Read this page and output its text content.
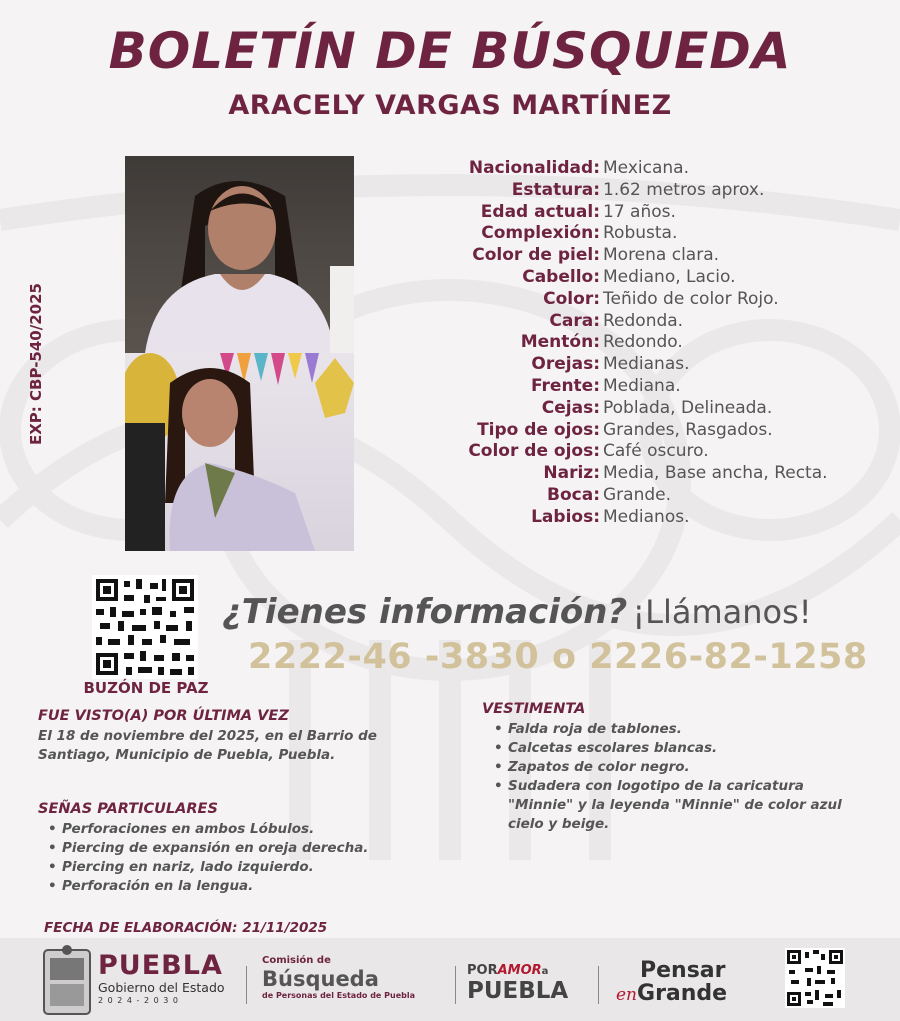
BOLETÍN DE BÚSQUEDA
ARACELY VARGAS MARTÍNEZ
EXP: CBP-540/2025
Nacionalidad: Mexicana.
Estatura: 1.62 metros aprox.
Edad actual: 17 años.
Complexión: Robusta.
Color de piel: Morena clara.
Cabello: Mediano, Lacio.
Color: Teñido de color Rojo.
Cara: Redonda.
Mentón: Redondo.
Orejas: Medianas.
Frente: Mediana.
Cejas: Poblada, Delineada.
Tipo de ojos: Grandes, Rasgados.
Color de ojos: Café oscuro.
Nariz: Media, Base ancha, Recta.
Boca: Grande.
Labios: Medianos.
BUZÓN DE PAZ
¿Tienes información? ¡Llámanos!
2222-46 -3830 o 2226-82-1258
FUE VISTO(A) POR ÚLTIMA VEZ
El 18 de noviembre del 2025, en el Barrio de
Santiago, Municipio de Puebla, Puebla.
SEÑAS PARTICULARES
• Perforaciones en ambos Lóbulos.
• Piercing de expansión en oreja derecha.
• Piercing en nariz, lado izquierdo.
• Perforación en la lengua.
VESTIMENTA
• Falda roja de tablones.
• Calcetas escolares blancas.
• Zapatos de color negro.
• Sudadera con logotipo de la caricatura
"Minnie" y la leyenda "Minnie" de color azul
cielo y beige.
FECHA DE ELABORACIÓN: 21/11/2025
PUEBLA
Gobierno del Estado
2 0 2 4 - 2 0 3 0
Comisión de
Búsqueda
de Personas del Estado de Puebla
PORAMORa
PUEBLA
Pensar
enGrande
